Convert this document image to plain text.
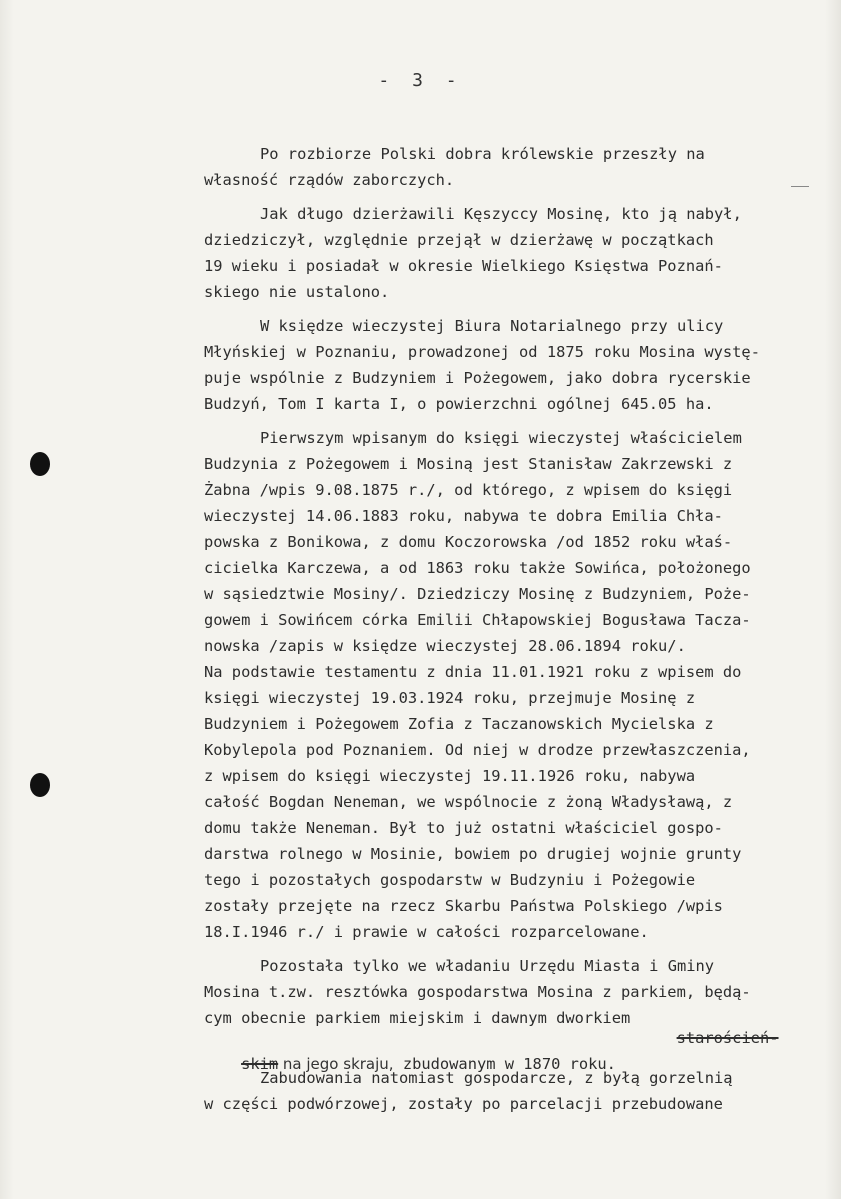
- 3 -
Po rozbiorze Polski dobra królewskie przeszły na
własność rządów zaborczych.
Jak długo dzierżawili Kęszyccy Mosinę, kto ją nabył,
dziedziczył, względnie przejął w dzierżawę w początkach
19 wieku i posiadał w okresie Wielkiego Księstwa Poznań-
skiego nie ustalono.
W księdze wieczystej Biura Notarialnego przy ulicy
Młyńskiej w Poznaniu, prowadzonej od 1875 roku Mosina wystę-
puje wspólnie z Budzyniem i Pożegowem, jako dobra rycerskie
Budzyń, Tom I karta I, o powierzchni ogólnej 645.05 ha.
Pierwszym wpisanym do księgi wieczystej właścicielem
Budzynia z Pożegowem i Mosiną jest Stanisław Zakrzewski z
Żabna /wpis 9.08.1875 r./, od którego, z wpisem do księgi
wieczystej 14.06.1883 roku, nabywa te dobra Emilia Chła-
powska z Bonikowa, z domu Koczorowska /od 1852 roku właś-
cicielka Karczewa, a od 1863 roku także Sowińca, położonego
w sąsiedztwie Mosiny/. Dziedziczy Mosinę z Budzyniem, Poże-
gowem i Sowińcem córka Emilii Chłapowskiej Bogusława Tacza-
nowska /zapis w księdze wieczystej 28.06.1894 roku/.
Na podstawie testamentu z dnia 11.01.1921 roku z wpisem do
księgi wieczystej 19.03.1924 roku, przejmuje Mosinę z
Budzyniem i Pożegowem Zofia z Taczanowskich Mycielska z
Kobylepola pod Poznaniem. Od niej w drodze przewłaszczenia,
z wpisem do księgi wieczystej 19.11.1926 roku, nabywa
całość Bogdan Neneman, we wspólnocie z żoną Władysławą, z
domu także Neneman. Był to już ostatni właściciel gospo-
darstwa rolnego w Mosinie, bowiem po drugiej wojnie grunty
tego i pozostałych gospodarstw w Budzyniu i Pożegowie
zostały przejęte na rzecz Skarbu Państwa Polskiego /wpis
18.I.1946 r./ i prawie w całości rozparcelowane.
Pozostała tylko we władaniu Urzędu Miasta i Gminy
Mosina t.zw. resztówka gospodarstwa Mosina z parkiem, będą-
cym obecnie parkiem miejskim i dawnym dworkiem

staroścień-

skim na jego skraju, zbudowanym w 1870 roku.

Zabudowania natomiast gospodarcze, z byłą gorzelnią
w części podwórzowej, zostały po parcelacji przebudowane
